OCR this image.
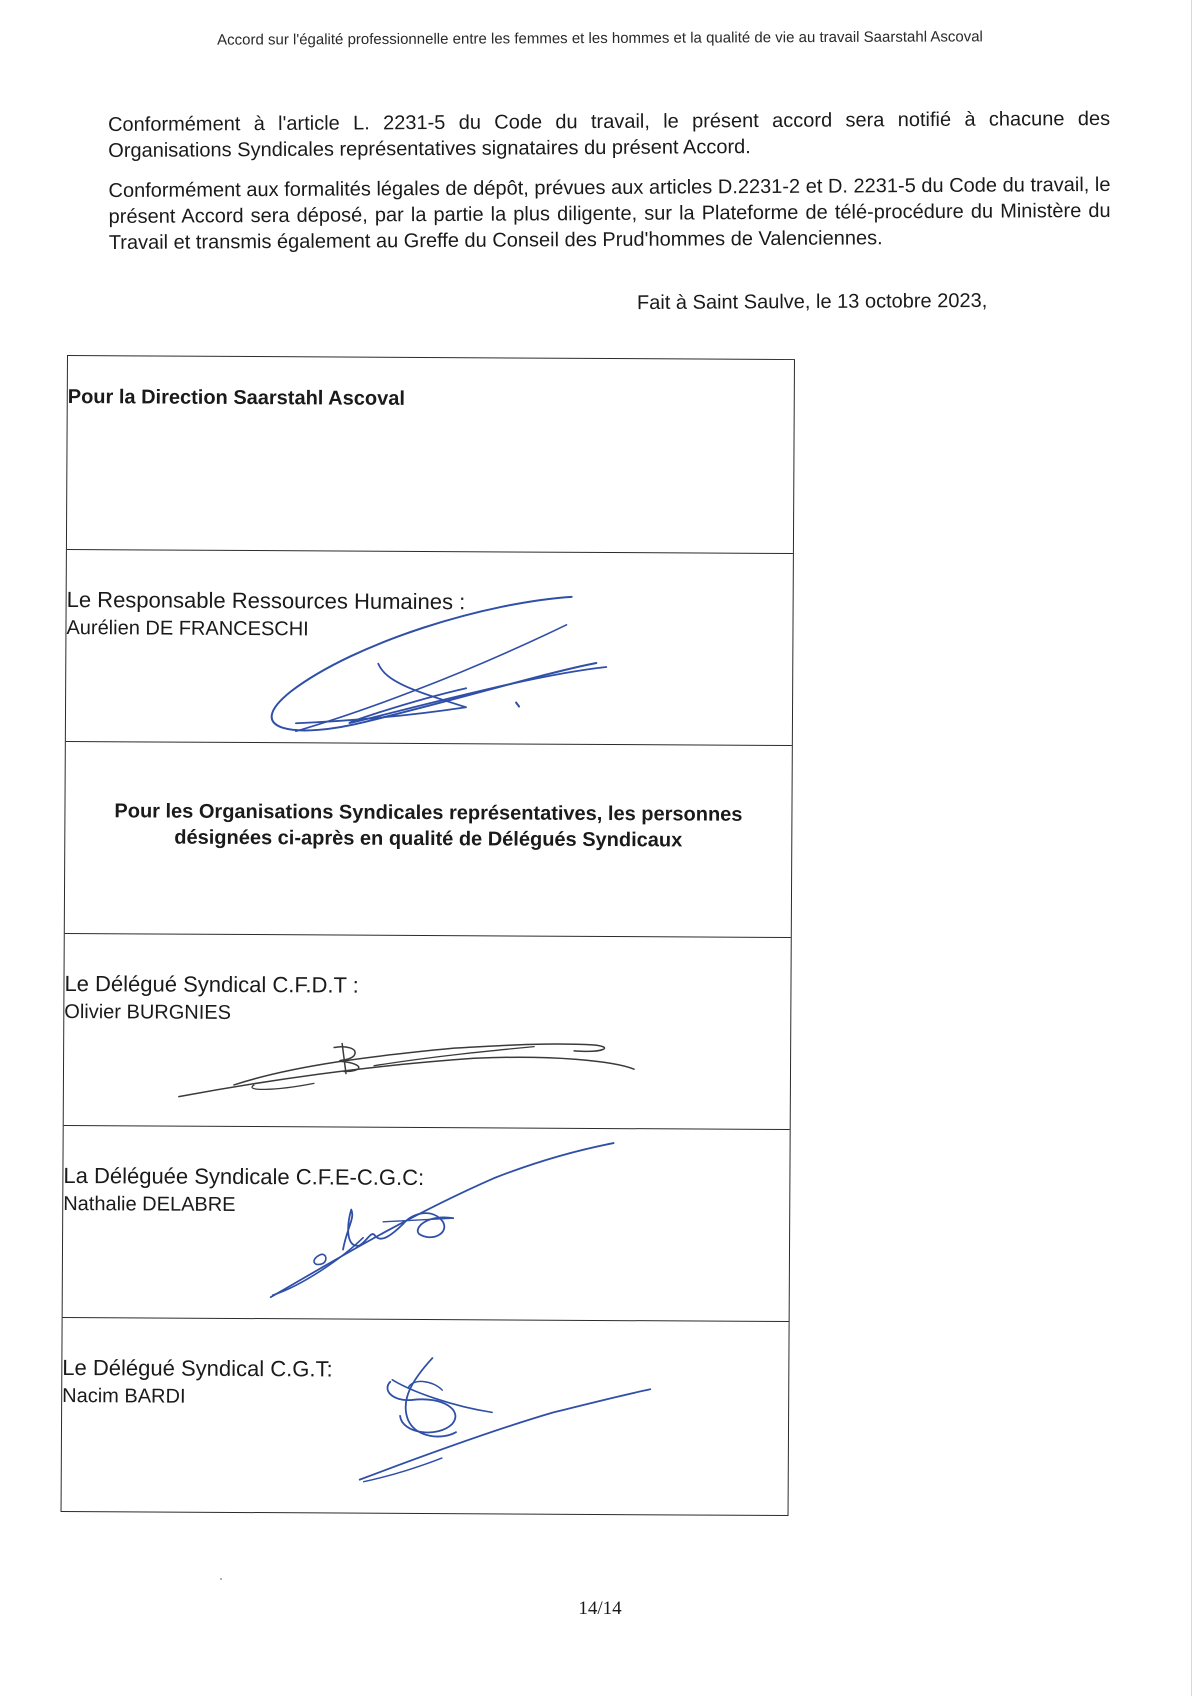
Accord sur l'égalité professionnelle entre les femmes et les hommes et la qualité de vie au travail Saarstahl Ascoval

Conformément à l'article L. 2231-5 du Code du travail, le présent accord sera notifié à chacune des Organisations Syndicales représentatives signataires du présent Accord.

Conformément aux formalités légales de dépôt, prévues aux articles D.2231-2 et D. 2231-5 du Code du travail, le présent Accord sera déposé, par la partie la plus diligente, sur la Plateforme de télé-procédure du Ministère du Travail et transmis également au Greffe du Conseil des Prud'hommes de Valenciennes.

Fait à Saint Saulve, le 13 octobre 2023,
Pour la Direction Saarstahl Ascoval
Le Responsable Ressources Humaines :
Aurélien DE FRANCESCHI
Pour les Organisations Syndicales représentatives, les personnes désignées ci-après en qualité de Délégués Syndicaux
Le Délégué Syndical C.F.D.T :
Olivier BURGNIES
La Déléguée Syndicale C.F.E-C.G.C:
Nathalie DELABRE
Le Délégué Syndical C.G.T:
Nacim BARDI
14/14
